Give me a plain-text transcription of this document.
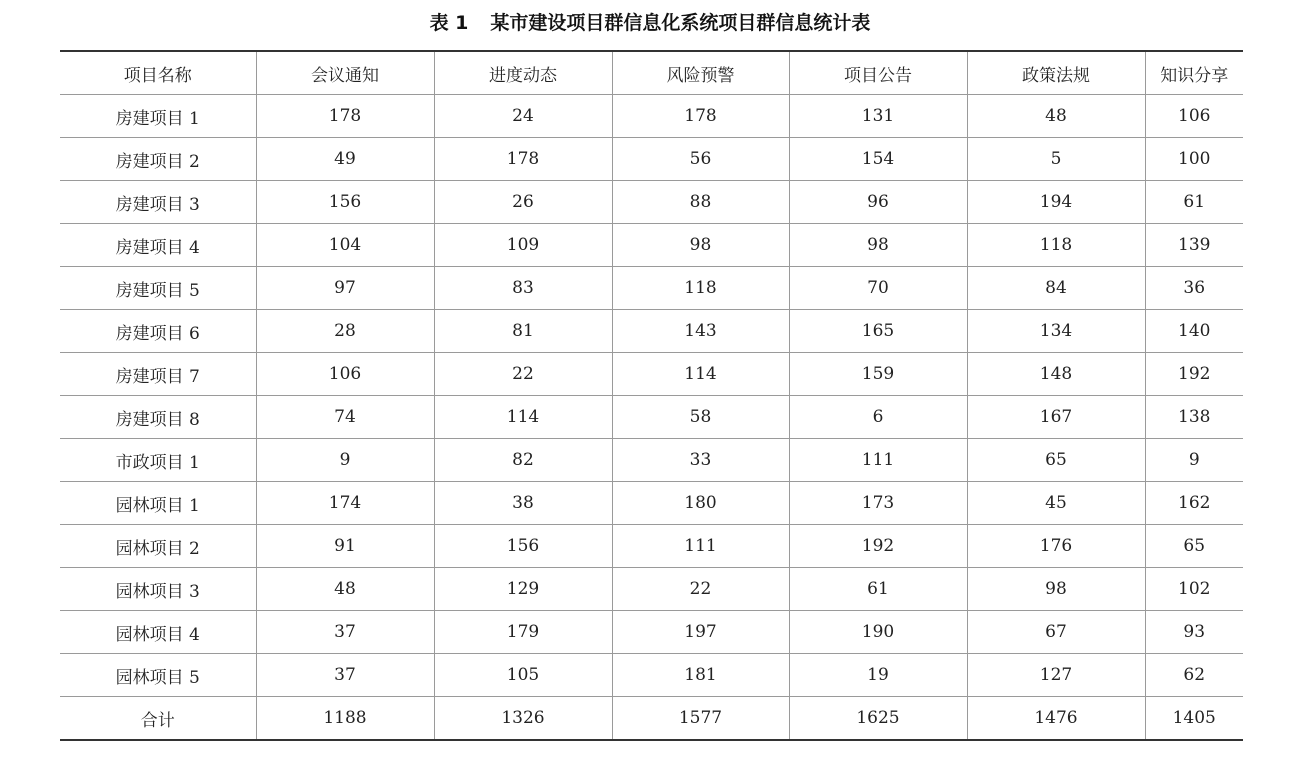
表 1 某市建设项目群信息化系统项目群信息统计表
项目名称	会议通知	进度动态	风险预警	项目公告	政策法规	知识分享
房建项目 1	178	24	178	131	48	106
房建项目 2	49	178	56	154	5	100
房建项目 3	156	26	88	96	194	61
房建项目 4	104	109	98	98	118	139
房建项目 5	97	83	118	70	84	36
房建项目 6	28	81	143	165	134	140
房建项目 7	106	22	114	159	148	192
房建项目 8	74	114	58	6	167	138
市政项目 1	9	82	33	111	65	9
园林项目 1	174	38	180	173	45	162
园林项目 2	91	156	111	192	176	65
园林项目 3	48	129	22	61	98	102
园林项目 4	37	179	197	190	67	93
园林项目 5	37	105	181	19	127	62
合计	1188	1326	1577	1625	1476	1405
